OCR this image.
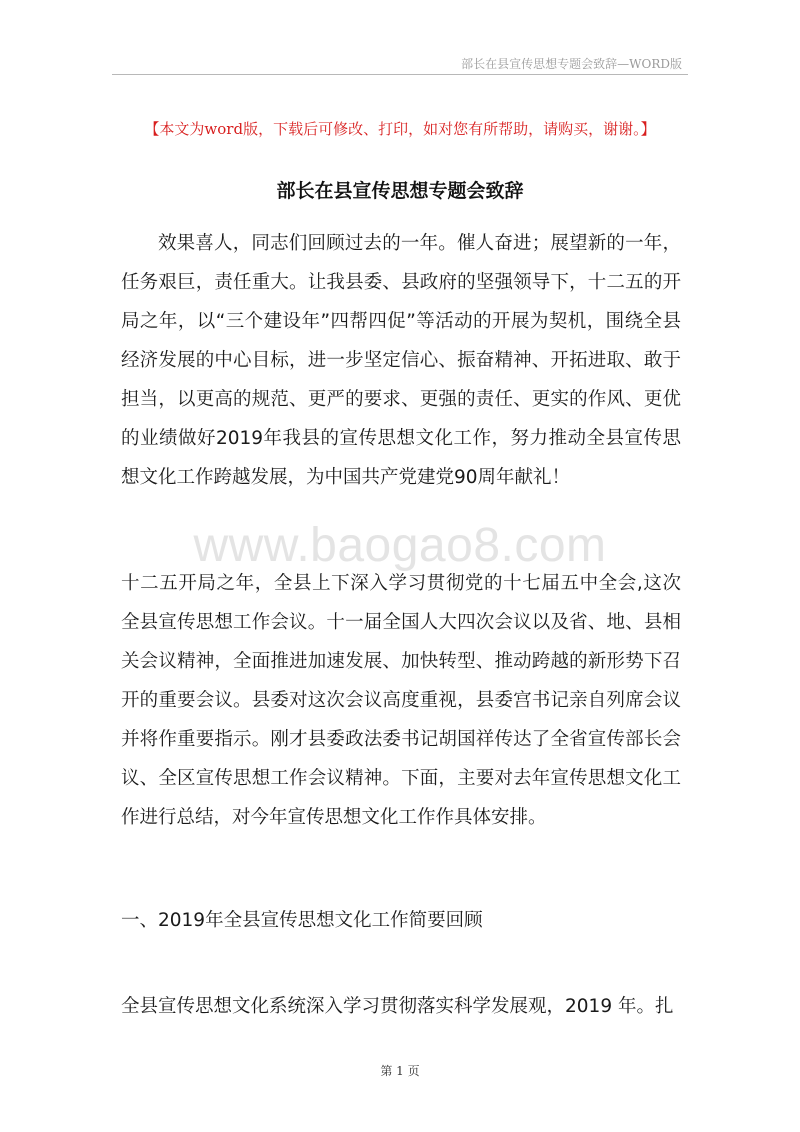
部长在县宣传思想专题会致辞—WORD版
【本文为word版，下载后可修改、打印，如对您有所帮助，请购买，谢谢。】
部长在县宣传思想专题会致辞

效果喜人，同志们回顾过去的一年。催人奋进；展望新的一年，任务艰巨，责任重大。让我县委、县政府的坚强领导下，十二五的开局之年，以“三个建设年”四帮四促”等活动的开展为契机，围绕全县经济发展的中心目标，进一步坚定信心、振奋精神、开拓进取、敢于担当，以更高的规范、更严的要求、更强的责任、更实的作风、更优的业绩做好2019年我县的宣传思想文化工作，努力推动全县宣传思想文化工作跨越发展，为中国共产党建党90周年献礼！

www.baogao8.com

十二五开局之年，全县上下深入学习贯彻党的十七届五中全会,这次全县宣传思想工作会议。十一届全国人大四次会议以及省、地、县相关会议精神，全面推进加速发展、加快转型、推动跨越的新形势下召开的重要会议。县委对这次会议高度重视，县委宫书记亲自列席会议并将作重要指示。刚才县委政法委书记胡国祥传达了全省宣传部长会议、全区宣传思想工作会议精神。下面，主要对去年宣传思想文化工作进行总结，对今年宣传思想文化工作作具体安排。

一、2019年全县宣传思想文化工作简要回顾

全县宣传思想文化系统深入学习贯彻落实科学发展观，2019 年。扎

第 1 页
